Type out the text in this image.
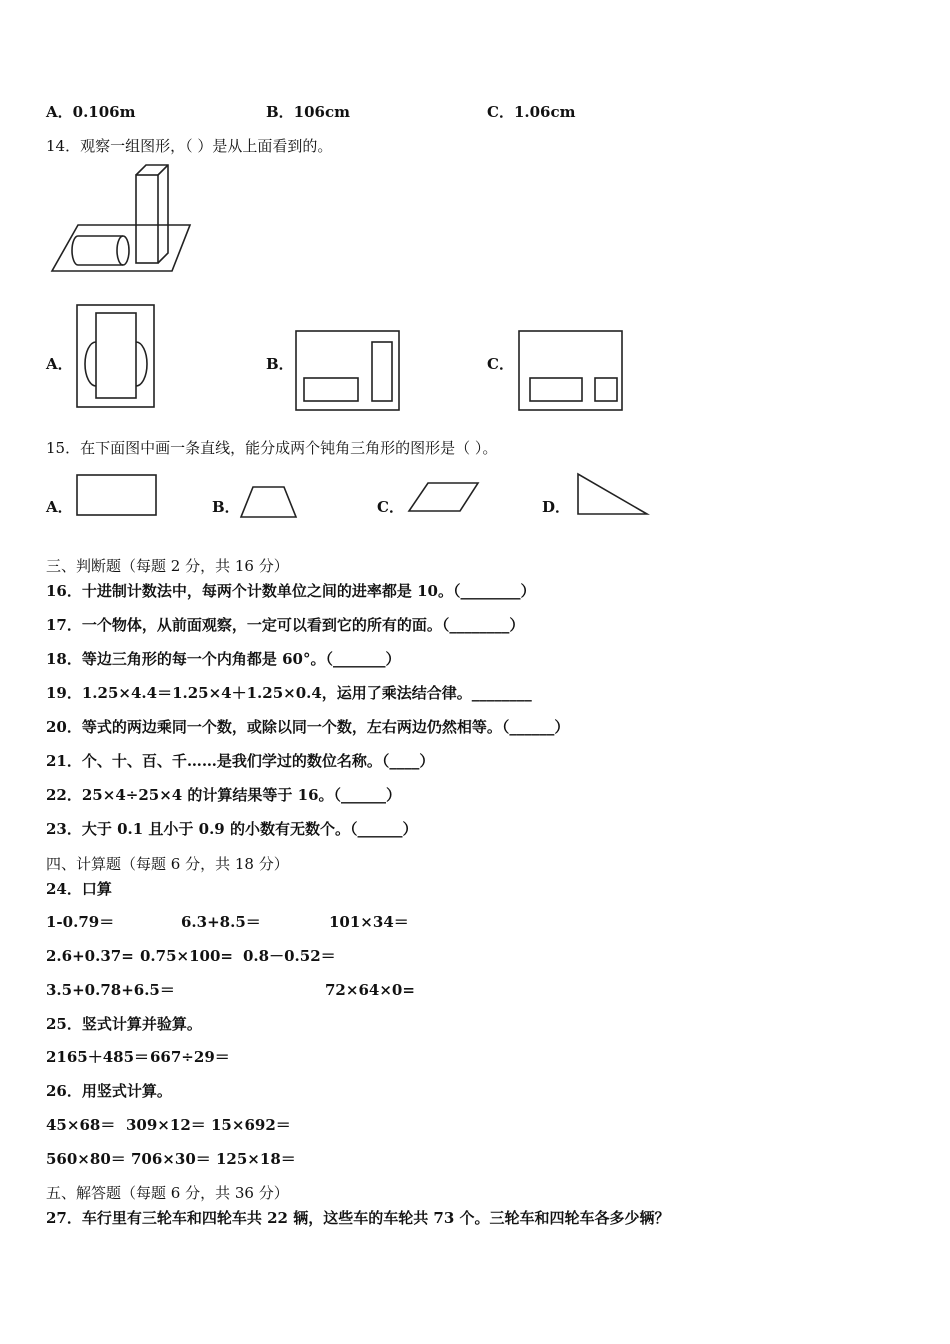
A．0.106m	B．106cm	C．1.06cm
14．观察一组图形，（ ）是从上面看到的。
A．	B．	C．
15．在下面图中画一条直线，能分成两个钝角三角形的图形是（ ）。
A．	B．	C．	D．
三、判断题（每题 2 分，共 16 分）
16．十进制计数法中，每两个计数单位之间的进率都是 10。（________）
17．一个物体，从前面观察，一定可以看到它的所有的面。（________）
18．等边三角形的每一个内角都是 60°。（_______）
19．1.25×4.4＝1.25×4＋1.25×0.4，运用了乘法结合律。________
20．等式的两边乘同一个数，或除以同一个数，左右两边仍然相等。（______）
21．个、十、百、千……是我们学过的数位名称。（____）
22．25×4÷25×4 的计算结果等于 16。（______）
23．大于 0.1 且小于 0.9 的小数有无数个。（______）
四、计算题（每题 6 分，共 18 分）
24．口算
1-0.79＝	6.3+8.5＝	101×34＝
2.6+0.37= 0.75×100= 0.8－0.52＝
3.5+0.78+6.5＝	72×64×0=
25．竖式计算并验算。
2165＋485＝ 667÷29＝
26．用竖式计算。
45×68＝ 309×12＝ 15×692＝
560×80＝ 706×30＝ 125×18＝
五、解答题（每题 6 分，共 36 分）
27．车行里有三轮车和四轮车共 22 辆，这些车的车轮共 73 个。三轮车和四轮车各多少辆？
